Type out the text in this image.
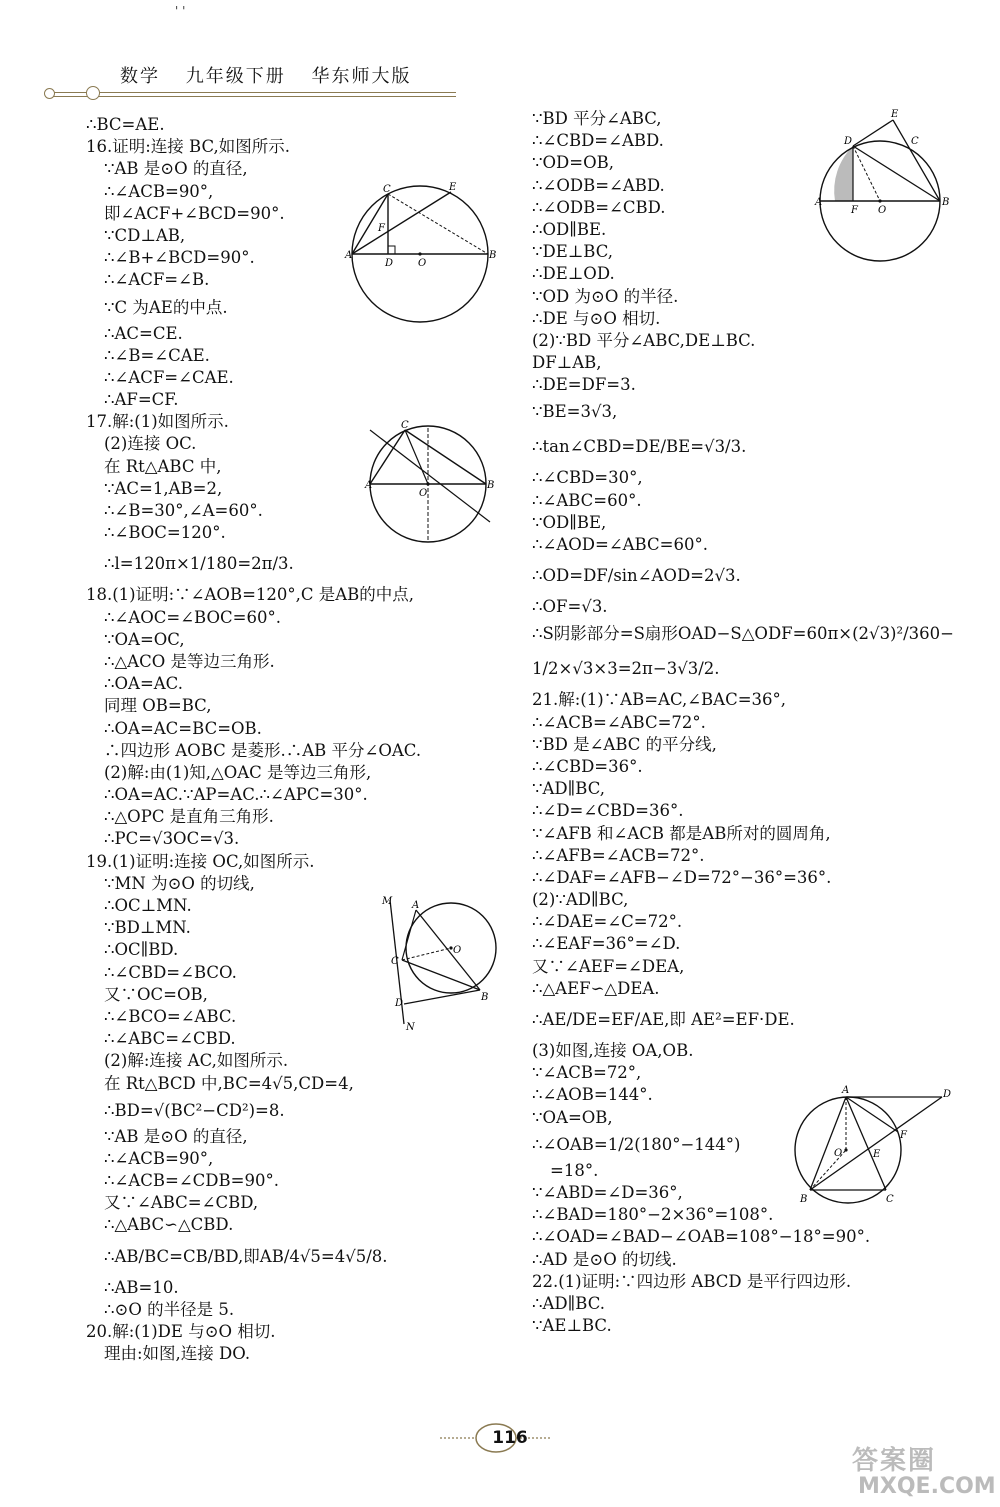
' '
数学 九年级下册 华东师大版
∴BC=AE.
16.证明:连接 BC,如图所示.
∵AB 是⊙O 的直径,
∴∠ACB=90°,
即∠ACF+∠BCD=90°.
∵CD⊥AB,
∴∠B+∠BCD=90°.
∴∠ACF=∠B.
∵C 为AE的中点.
∴AC=CE.
∴∠B=∠CAE.
∴∠ACF=∠CAE.
∴AF=CF.
17.解:(1)如图所示.
(2)连接 OC.
在 Rt△ABC 中,
∵AC=1,AB=2,
∴∠B=30°,∠A=60°.
∴∠BOC=120°.
∴l=120π×1/180=2π/3.
18.(1)证明:∵∠AOB=120°,C 是AB的中点,
∴∠AOC=∠BOC=60°.
∵OA=OC,
∴△ACO 是等边三角形.
∴OA=AC.
同理 OB=BC,
∴OA=AC=BC=OB.
∴四边形 AOBC 是菱形.∴AB 平分∠OAC.
(2)解:由(1)知,△OAC 是等边三角形,
∴OA=AC.∵AP=AC.∴∠APC=30°.
∴△OPC 是直角三角形.
∴PC=√3OC=√3.
19.(1)证明:连接 OC,如图所示.
∵MN 为⊙O 的切线,
∴OC⊥MN.
∵BD⊥MN.
∴OC∥BD.
∴∠CBD=∠BCO.
又∵OC=OB,
∴∠BCO=∠ABC.
∴∠ABC=∠CBD.
(2)解:连接 AC,如图所示.
在 Rt△BCD 中,BC=4√5,CD=4,
∴BD=√(BC²−CD²)=8.
∵AB 是⊙O 的直径,
∴∠ACB=90°,
∴∠ACB=∠CDB=90°.
又∵∠ABC=∠CBD,
∴△ABC∽△CBD.
∴AB/BC=CB/BD,即AB/4√5=4√5/8.
∴AB=10.
∴⊙O 的半径是 5.
20.解:(1)DE 与⊙O 相切.
理由:如图,连接 DO.
∵BD 平分∠ABC,
∴∠CBD=∠ABD.
∵OD=OB,
∴∠ODB=∠ABD.
∴∠ODB=∠CBD.
∴OD∥BE.
∵DE⊥BC,
∴DE⊥OD.
∵OD 为⊙O 的半径.
∴DE 与⊙O 相切.
(2)∵BD 平分∠ABC,DE⊥BC.
DF⊥AB,
∴DE=DF=3.
∵BE=3√3,
∴tan∠CBD=DE/BE=√3/3.
∴∠CBD=30°,
∴∠ABC=60°.
∵OD∥BE,
∴∠AOD=∠ABC=60°.
∴OD=DF/sin∠AOD=2√3.
∴OF=√3.
∴S阴影部分=S扇形OAD−S△ODF=60π×(2√3)²/360−
1/2×√3×3=2π−3√3/2.
21.解:(1)∵AB=AC,∠BAC=36°,
∴∠ACB=∠ABC=72°.
∵BD 是∠ABC 的平分线,
∴∠CBD=36°.
∵AD∥BC,
∴∠D=∠CBD=36°.
∵∠AFB 和∠ACB 都是AB所对的圆周角,
∴∠AFB=∠ACB=72°.
∴∠DAF=∠AFB−∠D=72°−36°=36°.
(2)∵AD∥BC,
∴∠DAE=∠C=72°.
∴∠EAF=36°=∠D.
又∵∠AEF=∠DEA,
∴△AEF∽△DEA.
∴AE/DE=EF/AE,即 AE²=EF·DE.
(3)如图,连接 OA,OB.
∵∠ACB=72°,
∴∠AOB=144°.
∵OA=OB,
∴∠OAB=1/2(180°−144°)
=18°.
∵∠ABD=∠D=36°,
∴∠BAD=180°−2×36°=108°.
∴∠OAD=∠BAD−∠OAB=108°−18°=90°.
∴AD 是⊙O 的切线.
22.(1)证明:∵四边形 ABCD 是平行四边形.
∴AD∥BC.
∵AE⊥BC.
A	B
C
D
E
F
O
C
A	B
O
M
N
A
B
C
D
O
E
D	C
A	B
F O
A	D
F
E
O
B	C
116
答案圈
MXQE.COM
